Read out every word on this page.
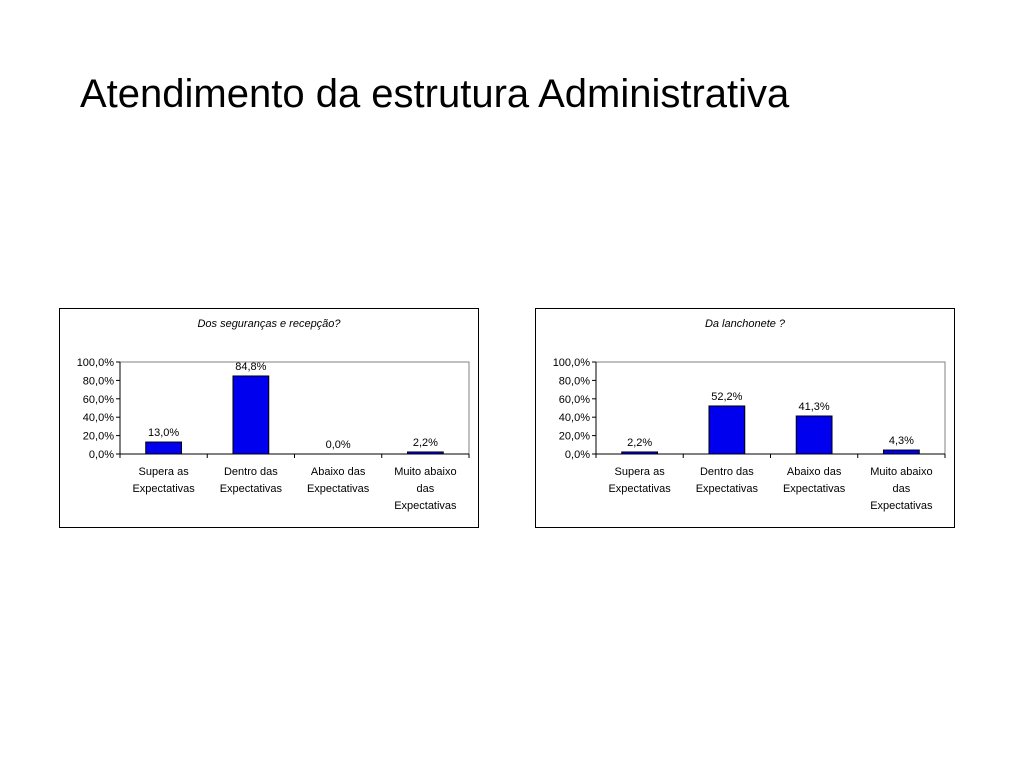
Atendimento da estrutura Administrativa
Dos seguranças e recepção?
0,0%
20,0%
40,0%
60,0%
80,0%
100,0%
13,0%
Supera as Expectativas
84,8%
Dentro das Expectativas
0,0%
Abaixo das Expectativas
2,2%
Muito abaixo das Expectativas
Da lanchonete ?
0,0%
20,0%
40,0%
60,0%
80,0%
100,0%
2,2%
Supera as Expectativas
52,2%
Dentro das Expectativas
41,3%
Abaixo das Expectativas
4,3%
Muito abaixo das Expectativas
